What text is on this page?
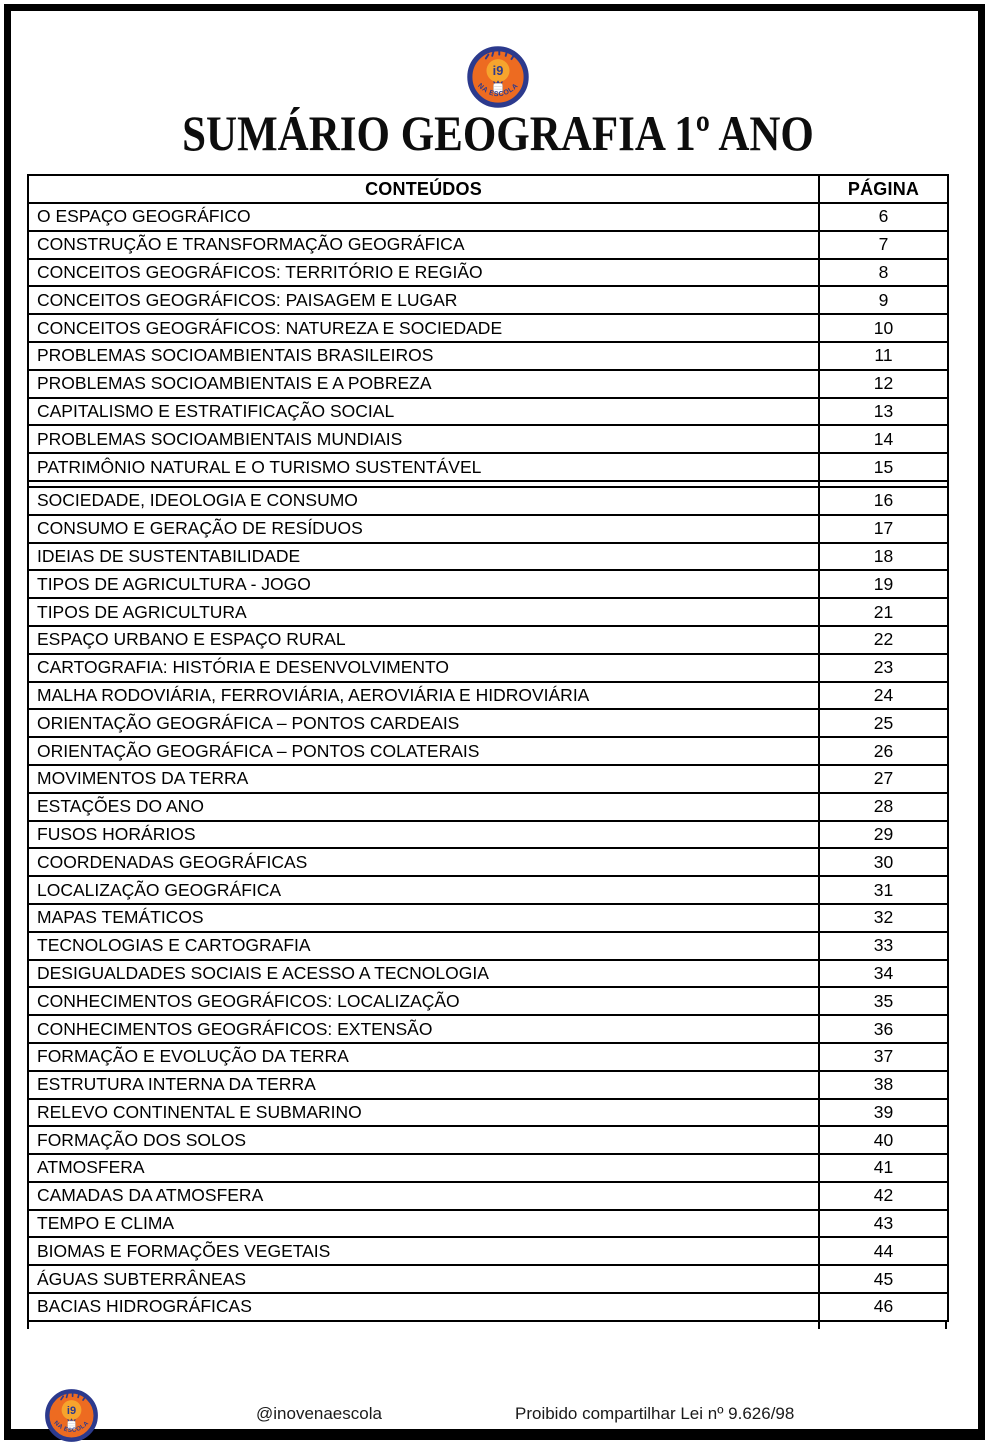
i9
NA ESCOLA
SUMÁRIO GEOGRAFIA 1º ANO
CONTEÚDOS	PÁGINA
O ESPAÇO GEOGRÁFICO	6
CONSTRUÇÃO E TRANSFORMAÇÃO GEOGRÁFICA	7
CONCEITOS GEOGRÁFICOS: TERRITÓRIO E REGIÃO	8
CONCEITOS GEOGRÁFICOS: PAISAGEM E LUGAR	9
CONCEITOS GEOGRÁFICOS: NATUREZA E SOCIEDADE	10
PROBLEMAS SOCIOAMBIENTAIS BRASILEIROS	11
PROBLEMAS SOCIOAMBIENTAIS E A POBREZA	12
CAPITALISMO E ESTRATIFICAÇÃO SOCIAL	13
PROBLEMAS SOCIOAMBIENTAIS MUNDIAIS	14
PATRIMÔNIO NATURAL E O TURISMO SUSTENTÁVEL	15

SOCIEDADE, IDEOLOGIA E CONSUMO	16
CONSUMO E GERAÇÃO DE RESÍDUOS	17
IDEIAS DE SUSTENTABILIDADE	18
TIPOS DE AGRICULTURA - JOGO	19
TIPOS DE AGRICULTURA	21
ESPAÇO URBANO E ESPAÇO RURAL	22
CARTOGRAFIA: HISTÓRIA E DESENVOLVIMENTO	23
MALHA RODOVIÁRIA, FERROVIÁRIA, AEROVIÁRIA E HIDROVIÁRIA	24
ORIENTAÇÃO GEOGRÁFICA – PONTOS CARDEAIS	25
ORIENTAÇÃO GEOGRÁFICA – PONTOS COLATERAIS	26
MOVIMENTOS DA TERRA	27
ESTAÇÕES DO ANO	28
FUSOS HORÁRIOS	29
COORDENADAS GEOGRÁFICAS	30
LOCALIZAÇÃO GEOGRÁFICA	31
MAPAS TEMÁTICOS	32
TECNOLOGIAS E CARTOGRAFIA	33
DESIGUALDADES SOCIAIS E ACESSO A TECNOLOGIA	34
CONHECIMENTOS GEOGRÁFICOS: LOCALIZAÇÃO	35
CONHECIMENTOS GEOGRÁFICOS: EXTENSÃO	36
FORMAÇÃO E EVOLUÇÃO DA TERRA	37
ESTRUTURA INTERNA DA TERRA	38
RELEVO CONTINENTAL E SUBMARINO	39
FORMAÇÃO DOS SOLOS	40
ATMOSFERA	41
CAMADAS DA ATMOSFERA	42
TEMPO E CLIMA	43
BIOMAS E FORMAÇÕES VEGETAIS	44
ÁGUAS SUBTERRÂNEAS	45
BACIAS HIDROGRÁFICAS	46
i9
NA ESCOLA
@inovenaescola	Proibido compartilhar Lei nº 9.626/98
